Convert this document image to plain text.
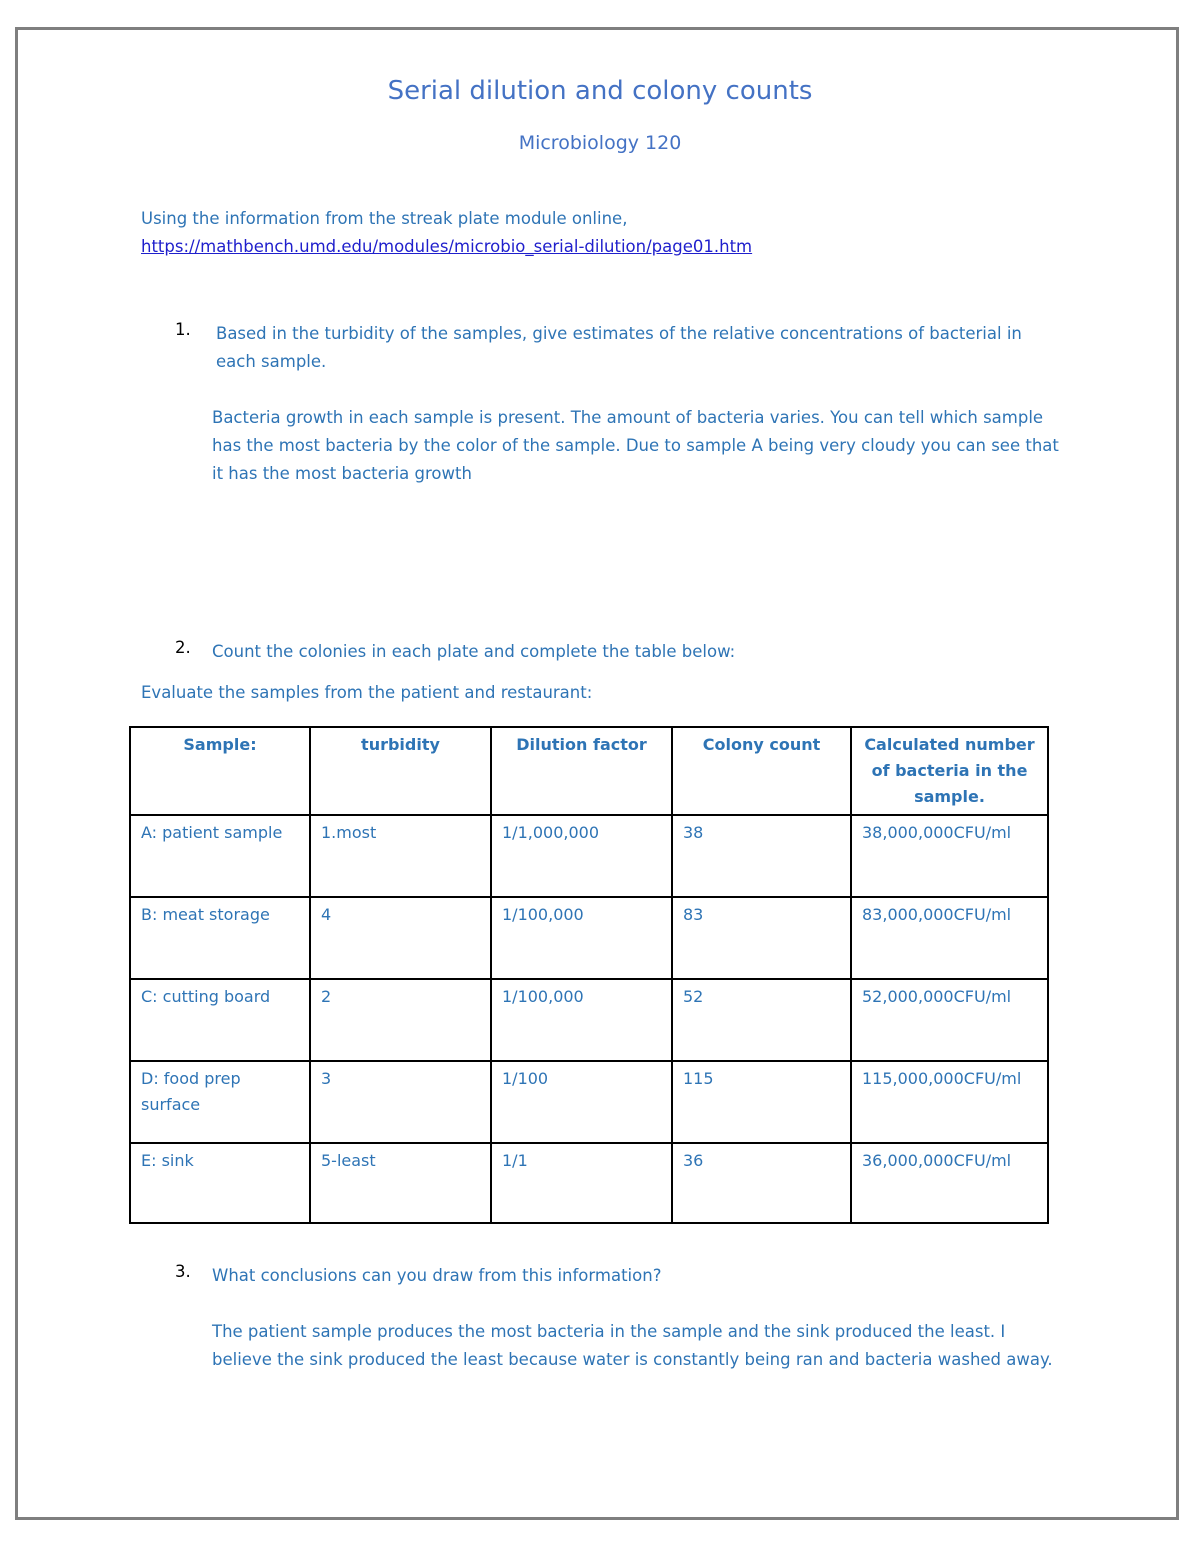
Serial dilution and colony counts
Microbiology 120
Using the information from the streak plate module online,
https://mathbench.umd.edu/modules/microbio_serial-dilution/page01.htm
1. Based in the turbidity of the samples, give estimates of the relative concentrations of bacterial in each sample.
Bacteria growth in each sample is present. The amount of bacteria varies. You can tell which sample has the most bacteria by the color of the sample. Due to sample A being very cloudy you can see that it has the most bacteria growth
2. Count the colonies in each plate and complete the table below:
Evaluate the samples from the patient and restaurant:
Sample:	turbidity	Dilution factor	Colony count	Calculated number of bacteria in the sample.
A: patient sample	1.most	1/1,000,000	38	38,000,000CFU/ml
B: meat storage	4	1/100,000	83	83,000,000CFU/ml
C: cutting board	2	1/100,000	52	52,000,000CFU/ml
D: food prep surface	3	1/100	115	115,000,000CFU/ml
E: sink	5-least	1/1	36	36,000,000CFU/ml
3. What conclusions can you draw from this information?
The patient sample produces the most bacteria in the sample and the sink produced the least. I believe the sink produced the least because water is constantly being ran and bacteria washed away.
